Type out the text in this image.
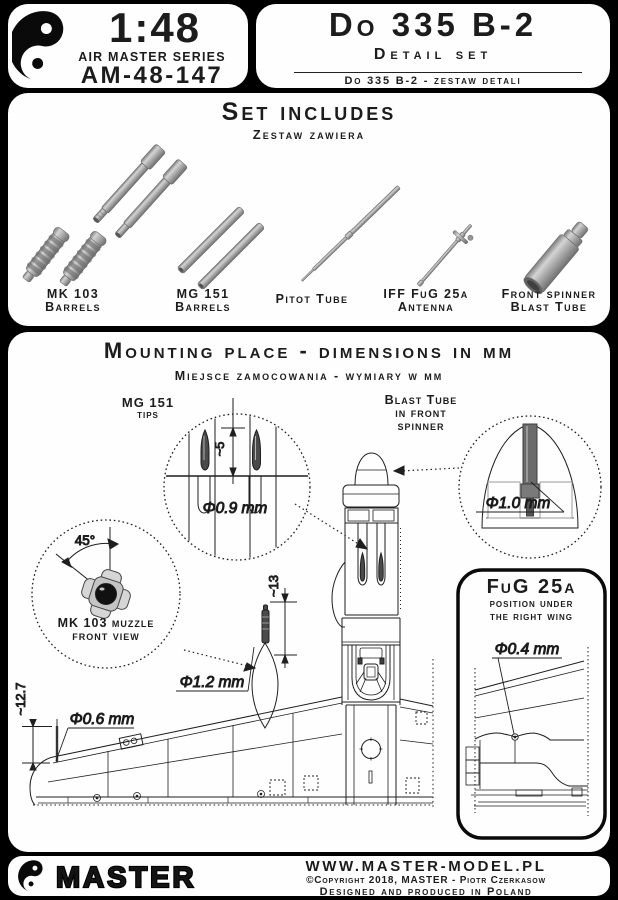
1:48
AIR MASTER SERIES
AM-48-147
Do 335 B-2
Detail set
Do 335 B-2 - zestaw detali
Set includes
Zestaw zawiera
MK 103
Barrels
MG 151
Barrels
Pitot Tube	IFF FuG 25a
Antenna
Front spinner
Blast Tube
Mounting place - dimensions in mm
Miejsce zamocowania - wymiary w mm
~5
Φ0.9 mm	Φ1.0 mm
45°
~13
Φ1.2 mm
~12.7
Φ0.6 mm
Φ0.4 mm
MG 151
tips
Blast Tube
in front
spinner
MK 103 muzzle
front view
FuG 25a
position under
the right wing
MASTER	WWW.MASTER-MODEL.PL
©Copyright 2018, MASTER - Piotr Czerkasow
Designed and produced in Poland
